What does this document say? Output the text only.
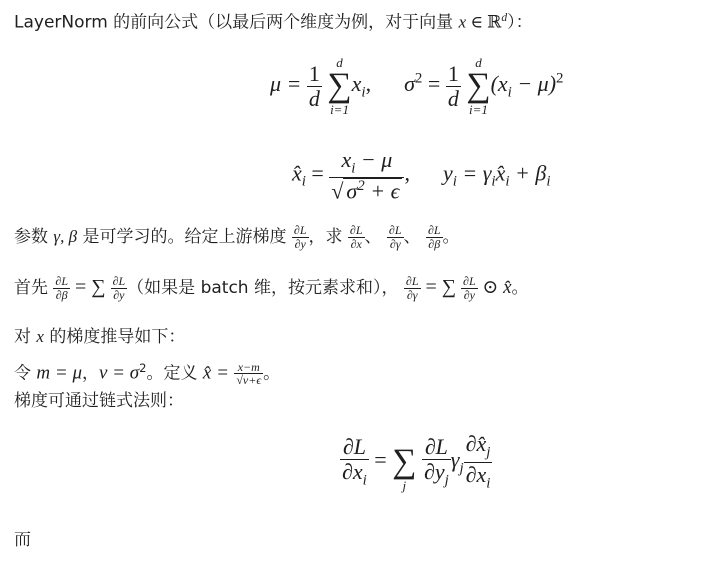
LayerNorm 的前向公式（以最后两个维度为例，对于向量 x ∈ ℝ$^d$）：
$\mu = \frac{1}{d}$
	d
∑
i=1
$x_i$, $\sigma^2 = \frac{1}{d}$
	d
∑
i=1
$(x_i - \mu)^2$
$x̂_i = \frac{x_i - \mu}{√ \sigma^2 + \epsilon}$ , $y_i$ = $\gamma_ix̂_i + \beta_i$
参数 γ, β 是可学习的。给定上游梯度 $\frac{\partial L}{\partial y}$ ，求 $\frac{\partial L}{\partial x}$ 、 $\frac{\partial L}{\partial\gamma}$ 、 $\frac{\partial L}{\partial\beta}$ 。
首先 $\frac{\partial L}{\partial\beta}$ = ∑ $\frac{\partial L}{\partial y}$ （如果是 batch 维，按元素求和）， $\frac{\partial L}{\partial\gamma}$ = ∑ $\frac{\partial L}{\partial y}$ ⊙ x̂。
对 x 的梯度推导如下：
令 m = μ，$v = \sigma^2$。定义 x̂ = $\frac{x-m}{√v+\epsilon}$ 。
梯度可通过链式法则：
$\frac{\partial L}{\partial x_i}$ =
∑
j
$\frac{\partial L}{\partial y_j} \gamma_j \frac{\partial x̂_j}{\partial x_i}$
而
